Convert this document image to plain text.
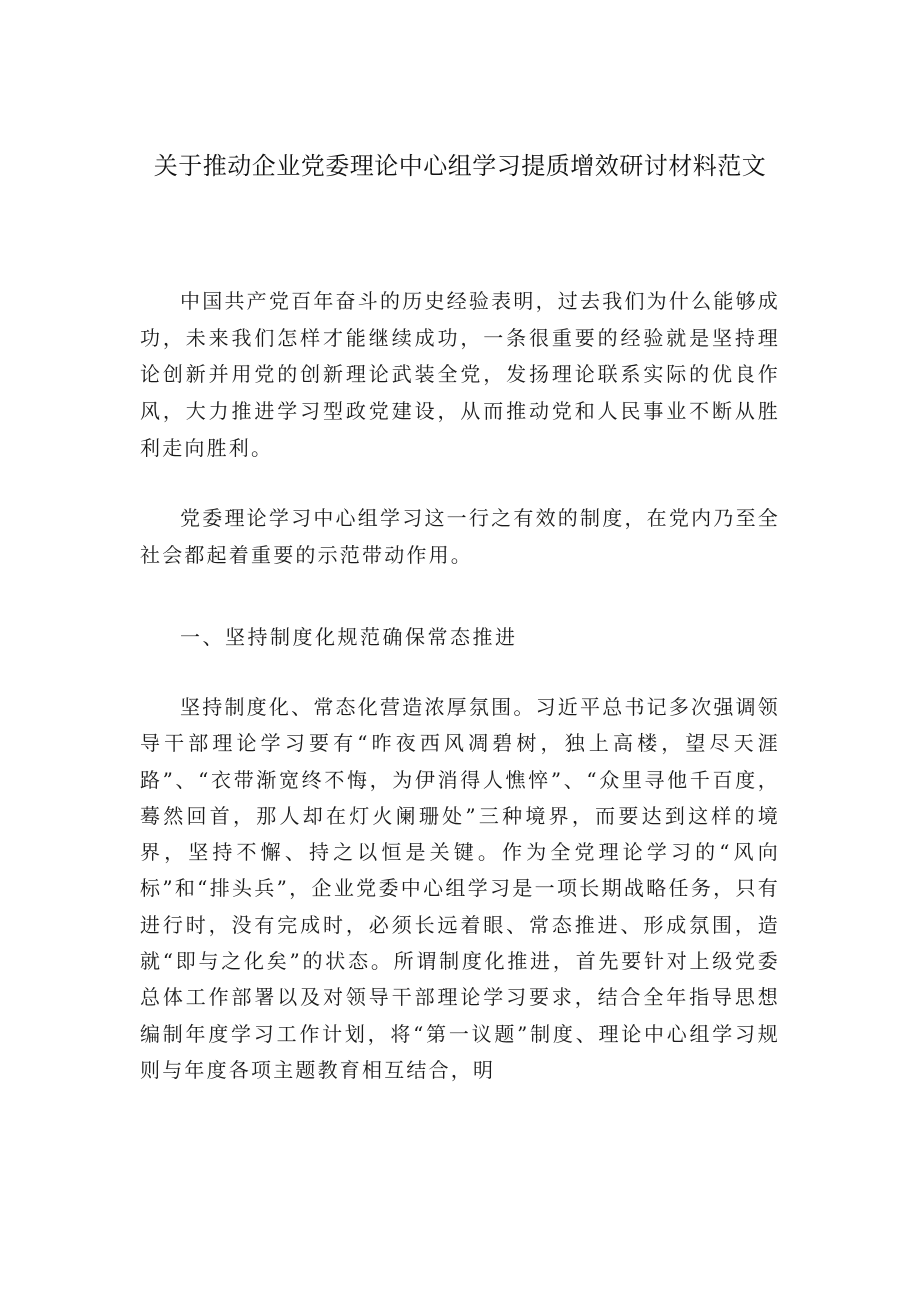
关于推动企业党委理论中心组学习提质增效研讨材料范文

中国共产党百年奋斗的历史经验表明，过去我们为什么能够成功，未来我们怎样才能继续成功，一条很重要的经验就是坚持理论创新并用党的创新理论武装全党，发扬理论联系实际的优良作风，大力推进学习型政党建设，从而推动党和人民事业不断从胜利走向胜利。

党委理论学习中心组学习这一行之有效的制度，在党内乃至全社会都起着重要的示范带动作用。

一、坚持制度化规范确保常态推进

坚持制度化、常态化营造浓厚氛围。习近平总书记多次强调领导干部理论学习要有“昨夜西风凋碧树，独上高楼，望尽天涯路”、“衣带渐宽终不悔，为伊消得人憔悴”、“众里寻他千百度，蓦然回首，那人却在灯火阑珊处”三种境界，而要达到这样的境界，坚持不懈、持之以恒是关键。作为全党理论学习的“风向标”和“排头兵”，企业党委中心组学习是一项长期战略任务，只有进行时，没有完成时，必须长远着眼、常态推进、形成氛围，造就“即与之化矣”的状态。所谓制度化推进，首先要针对上级党委总体工作部署以及对领导干部理论学习要求，结合全年指导思想编制年度学习工作计划，将“第一议题”制度、理论中心组学习规则与年度各项主题教育相互结合，明
